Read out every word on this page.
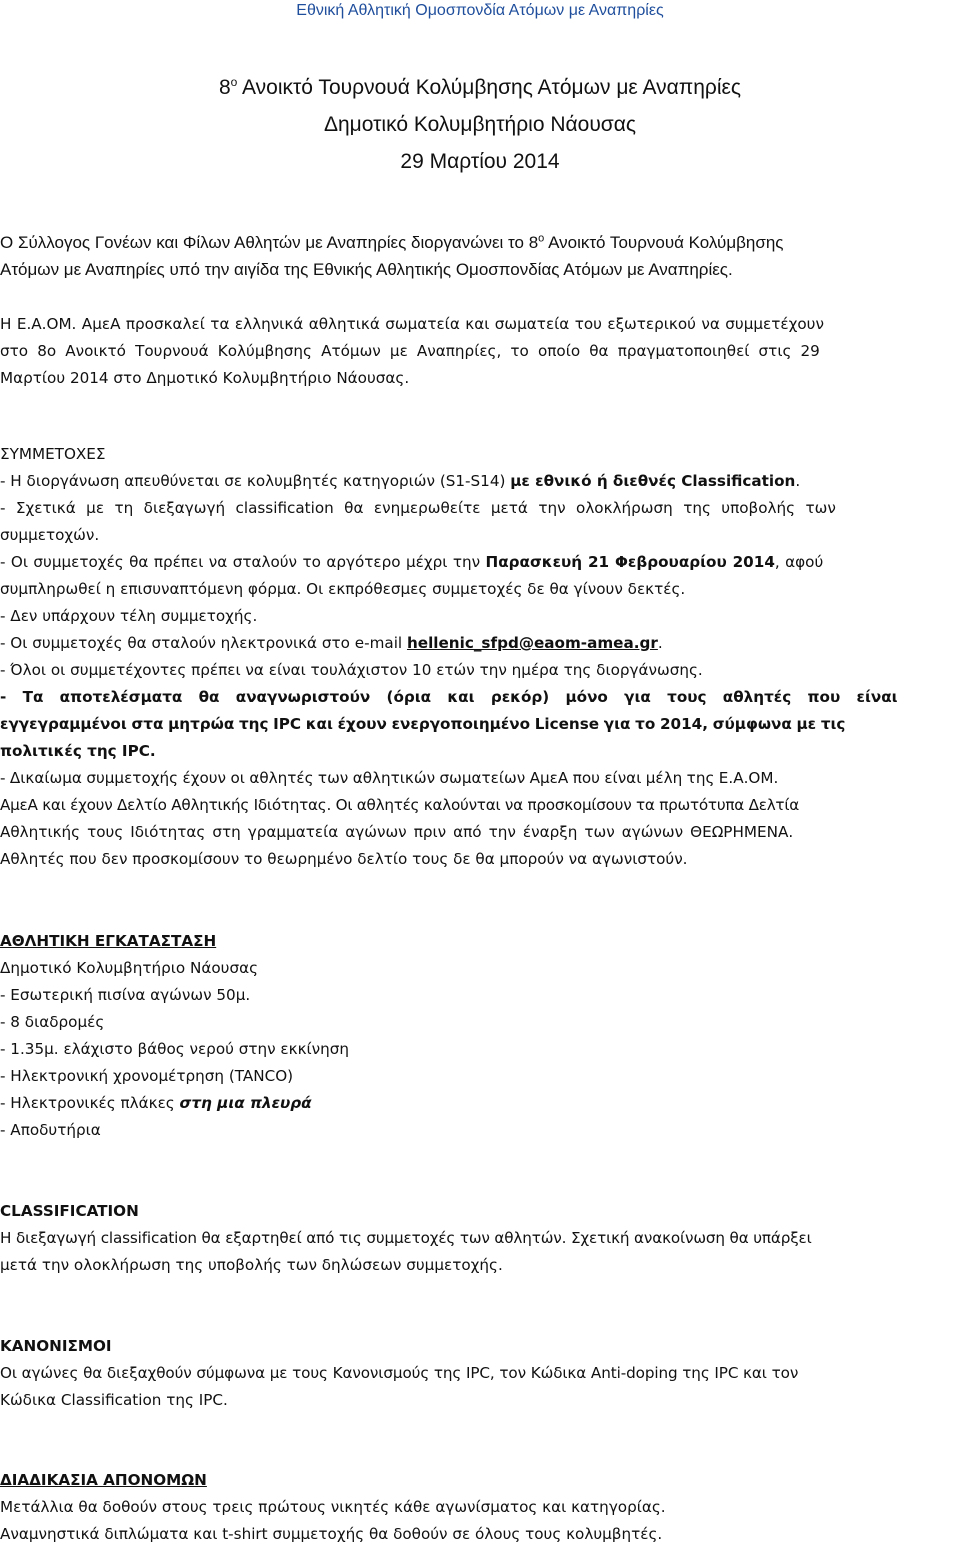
Εθνική Αθλητική Ομοσπονδία Ατόμων με Αναπηρίες
$8^o$ Ανοικτό Τουρνουά Κολύμβησης Ατόμων με Αναπηρίες
Δημοτικό Κολυμβητήριο Νάουσας
29 Μαρτίου 2014
Ο Σύλλογος Γονέων και Φίλων Αθλητών με Αναπηρίες διοργανώνει το $8^o$ Ανοικτό Τουρνουά Κολύμβησης
Ατόμων με Αναπηρίες υπό την αιγίδα της Εθνικής Αθλητικής Ομοσπονδίας Ατόμων με Αναπηρίες.
Η Ε.Α.ΟΜ. ΑμεΑ προσκαλεί τα ελληνικά αθλητικά σωματεία και σωματεία του εξωτερικού να συμμετέχουν
στο 8ο Ανοικτό Τουρνουά Κολύμβησης Ατόμων με Αναπηρίες, το οποίο θα πραγματοποιηθεί στις 29
Μαρτίου 2014 στο Δημοτικό Κολυμβητήριο Νάουσας.
ΣΥΜΜΕΤΟΧΕΣ
- Η διοργάνωση απευθύνεται σε κολυμβητές κατηγοριών (S1-S14) με εθνικό ή διεθνές Classification.
- Σχετικά με τη διεξαγωγή classification θα ενημερωθείτε μετά την ολοκλήρωση της υποβολής των
συμμετοχών.
- Οι συμμετοχές θα πρέπει να σταλούν το αργότερο μέχρι την Παρασκευή 21 Φεβρουαρίου 2014, αφού
συμπληρωθεί η επισυναπτόμενη φόρμα. Οι εκπρόθεσμες συμμετοχές δε θα γίνουν δεκτές.
- Δεν υπάρχουν τέλη συμμετοχής.
- Οι συμμετοχές θα σταλούν ηλεκτρονικά στο e-mail hellenic_sfpd@eaom-amea.gr.
- Όλοι οι συμμετέχοντες πρέπει να είναι τουλάχιστον 10 ετών την ημέρα της διοργάνωσης.
- Τα αποτελέσματα θα αναγνωριστούν (όρια και ρεκόρ) μόνο για τους αθλητές που είναι
εγγεγραμμένοι στα μητρώα της IPC και έχουν ενεργοποιημένο License για το 2014, σύμφωνα με τις
πολιτικές της IPC.
- Δικαίωμα συμμετοχής έχουν οι αθλητές των αθλητικών σωματείων ΑμεΑ που είναι μέλη της Ε.Α.ΟΜ.
ΑμεΑ και έχουν Δελτίο Αθλητικής Ιδιότητας. Οι αθλητές καλούνται να προσκομίσουν τα πρωτότυπα Δελτία
Αθλητικής τους Ιδιότητας στη γραμματεία αγώνων πριν από την έναρξη των αγώνων ΘΕΩΡΗΜΕΝΑ.
Αθλητές που δεν προσκομίσουν το θεωρημένο δελτίο τους δε θα μπορούν να αγωνιστούν.
ΑΘΛΗΤΙΚΗ ΕΓΚΑΤΑΣΤΑΣΗ
Δημοτικό Κολυμβητήριο Νάουσας
- Εσωτερική πισίνα αγώνων 50μ.
- 8 διαδρομές
- 1.35μ. ελάχιστο βάθος νερού στην εκκίνηση
- Ηλεκτρονική χρονομέτρηση (TANCO)
- Ηλεκτρονικές πλάκες στη μια πλευρά
- Αποδυτήρια
CLASSIFICATION
Η διεξαγωγή classification θα εξαρτηθεί από τις συμμετοχές των αθλητών. Σχετική ανακοίνωση θα υπάρξει
μετά την ολοκλήρωση της υποβολής των δηλώσεων συμμετοχής.
ΚΑΝΟΝΙΣΜΟΙ
Οι αγώνες θα διεξαχθούν σύμφωνα με τους Κανονισμούς της IPC, τον Κώδικα Anti-doping της IPC και τον
Κώδικα Classification της IPC.
ΔΙΑΔΙΚΑΣΙΑ ΑΠΟΝΟΜΩΝ
Μετάλλια θα δοθούν στους τρεις πρώτους νικητές κάθε αγωνίσματος και κατηγορίας.
Αναμνηστικά διπλώματα και t-shirt συμμετοχής θα δοθούν σε όλους τους κολυμβητές.
